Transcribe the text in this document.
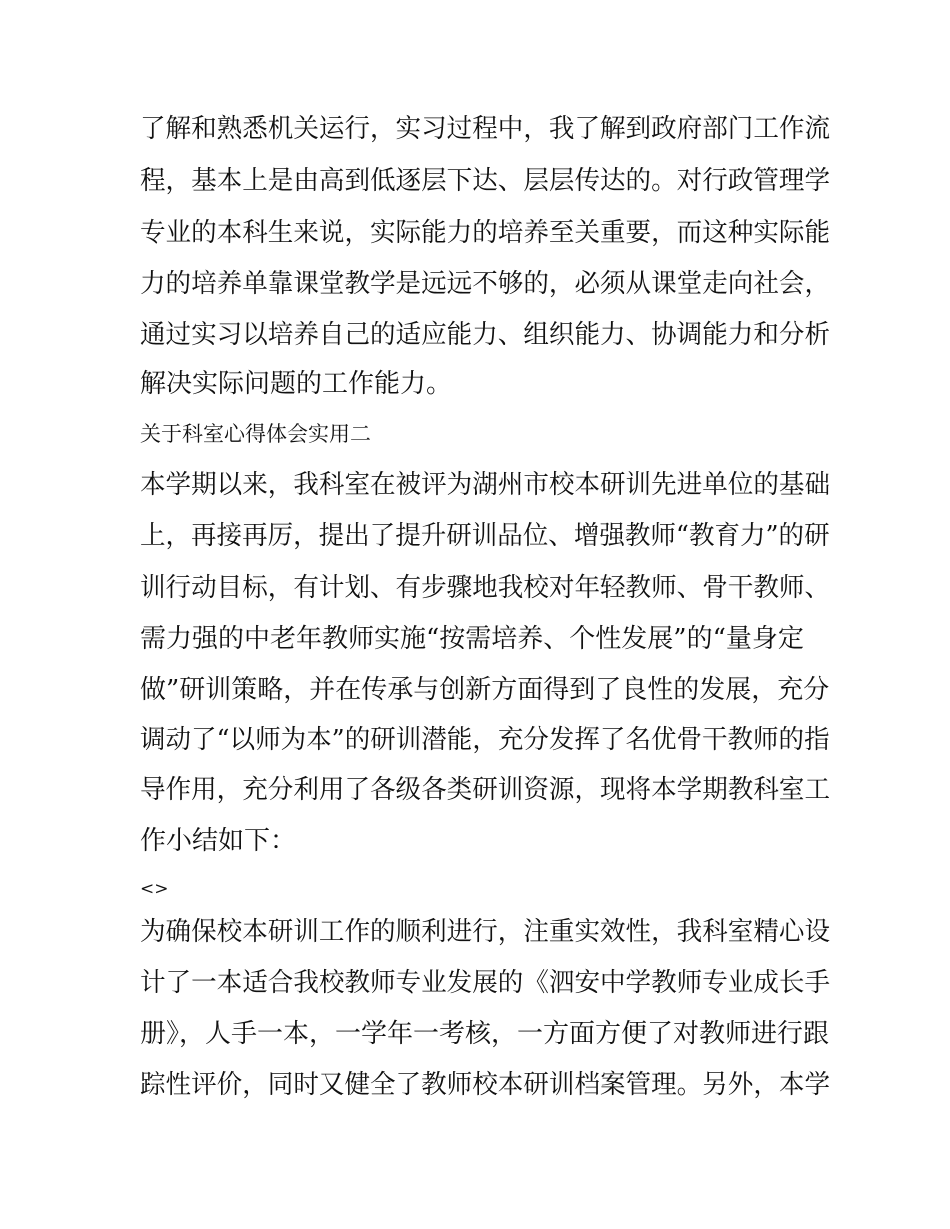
了解和熟悉机关运行，实习过程中，我了解到政府部门工作流
程，基本上是由高到低逐层下达、层层传达的。对行政管理学
专业的本科生来说，实际能力的培养至关重要，而这种实际能
力的培养单靠课堂教学是远远不够的，必须从课堂走向社会，
通过实习以培养自己的适应能力、组织能力、协调能力和分析
解决实际问题的工作能力。
关于科室心得体会实用二
本学期以来，我科室在被评为湖州市校本研训先进单位的基础
上，再接再厉，提出了提升研训品位、增强教师“教育力”的研
训行动目标，有计划、有步骤地我校对年轻教师、骨干教师、
需力强的中老年教师实施“按需培养、个性发展”的“量身定
做”研训策略，并在传承与创新方面得到了良性的发展，充分
调动了“以师为本”的研训潜能，充分发挥了名优骨干教师的指
导作用，充分利用了各级各类研训资源，现将本学期教科室工
作小结如下：
<>
为确保校本研训工作的顺利进行，注重实效性，我科室精心设
计了一本适合我校教师专业发展的《泗安中学教师专业成长手
册》，人手一本，一学年一考核，一方面方便了对教师进行跟
踪性评价，同时又健全了教师校本研训档案管理。另外，本学
